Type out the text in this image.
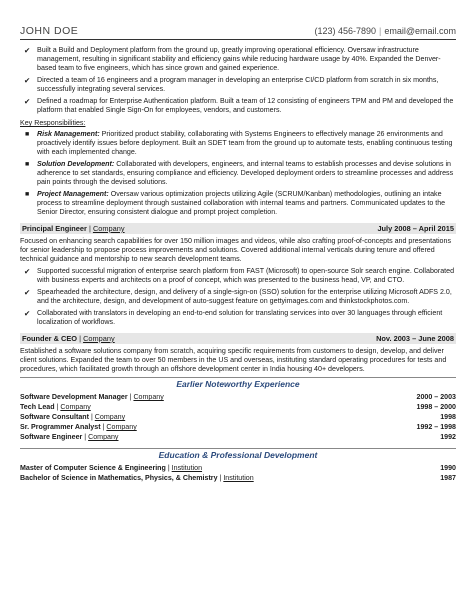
JOHN DOE	(123) 456-7890 | email@email.com
✔ Built a Build and Deployment platform from the ground up, greatly improving operational efficiency. Oversaw infrastructure management, resulting in significant stability and efficiency gains while reducing hardware usage by 40%. Expanded the Denver-based team to five engineers, which has since grown and gained experience.
✔ Directed a team of 16 engineers and a program manager in developing an enterprise CI/CD platform from scratch in six months, successfully integrating several services.
✔ Defined a roadmap for Enterprise Authentication platform. Built a team of 12 consisting of engineers TPM and PM and developed the platform that enabled Single Sign-On for employees, vendors, and customers.
Key Responsibilities:
■ Risk Management: Prioritized product stability, collaborating with Systems Engineers to effectively manage 26 environments and proactively identify issues before deployment. Built an SDET team from the ground up to automate tests, enabling continuous testing with each implemented change.
■ Solution Development: Collaborated with developers, engineers, and internal teams to establish processes and devise solutions in adherence to set standards, ensuring compliance and efficiency. Developed deployment orders to streamline processes and address pain points through the devised solutions.
■ Project Management: Oversaw various optimization projects utilizing Agile (SCRUM/Kanban) methodologies, outlining an intake process to streamline deployment through sustained collaboration with internal teams and partners. Communicated updates to the Senior Director, ensuring consistent dialogue and prompt project completion.
Principal Engineer | Company	July 2008 – April 2015
Focused on enhancing search capabilities for over 150 million images and videos, while also crafting proof-of-concepts and presentations for senior leadership to propose process improvements and solutions. Covered additional internal verticals during tenure and offered technical guidance and mentorship to new search development teams.
✔ Supported successful migration of enterprise search platform from FAST (Microsoft) to open-source Solr search engine. Collaborated with business experts and architects on a proof of concept, which was presented to the business head, VP, and CTO.
✔ Spearheaded the architecture, design, and delivery of a single-sign-on (SSO) solution for the enterprise utilizing Microsoft ADFS 2.0, and the architecture, design, and development of auto-suggest feature on gettyimages.com and thinkstockphotos.com.
✔ Collaborated with translators in developing an end-to-end solution for translating services into over 30 languages through efficient localization of workflows.
Founder & CEO | Company	Nov. 2003 – June 2008
Established a software solutions company from scratch, acquiring specific requirements from customers to design, develop, and deliver client solutions. Expanded the team to over 50 members in the US and overseas, instituting standard operating procedures for tests and procedures, which facilitated growth through an offshore development center in India housing 40+ developers.
Earlier Noteworthy Experience
Software Development Manager | Company	2000 – 2003
Tech Lead | Company	1998 – 2000
Software Consultant | Company	1998
Sr. Programmer Analyst | Company	1992 – 1998
Software Engineer | Company	1992
Education & Professional Development
Master of Computer Science & Engineering | Institution	1990
Bachelor of Science in Mathematics, Physics, & Chemistry | Institution	1987
